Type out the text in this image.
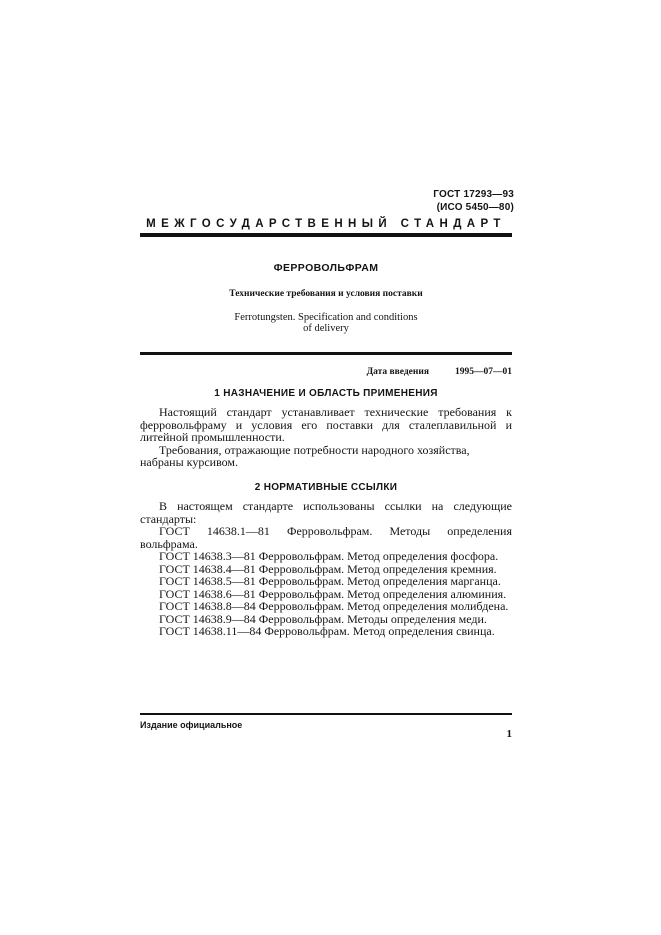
ГОСТ 17293—93
(ИСО 5450—80)
МЕЖГОСУДАРСТВЕННЫЙ СТАНДАРТ
ФЕРРОВОЛЬФРАМ
Технические требования и условия поставки
Ferrotungsten. Specification and conditions
of delivery
Дата введения	1995—07—01
1 НАЗНАЧЕНИЕ И ОБЛАСТЬ ПРИМЕНЕНИЯ

Настоящий стандарт устанавливает технические требования к ферровольфраму и условия его поставки для сталеплавильной и литейной промышленности.

Требования, отражающие потребности народного хозяйства, набраны курсивом.

2 НОРМАТИВНЫЕ ССЫЛКИ

В настоящем стандарте использованы ссылки на следующие стандарты:

ГОСТ 14638.1—81 Ферровольфрам. Методы определения вольфрама.

ГОСТ 14638.3—81 Ферровольфрам. Метод определения фосфора.

ГОСТ 14638.4—81 Ферровольфрам. Метод определения кремния.

ГОСТ 14638.5—81 Ферровольфрам. Метод определения марганца.

ГОСТ 14638.6—81 Ферровольфрам. Метод определения алюминия.

ГОСТ 14638.8—84 Ферровольфрам. Метод определения молибдена.

ГОСТ 14638.9—84 Ферровольфрам. Методы определения меди.

ГОСТ 14638.11—84 Ферровольфрам. Метод определения свинца.

Издание официальное
1
